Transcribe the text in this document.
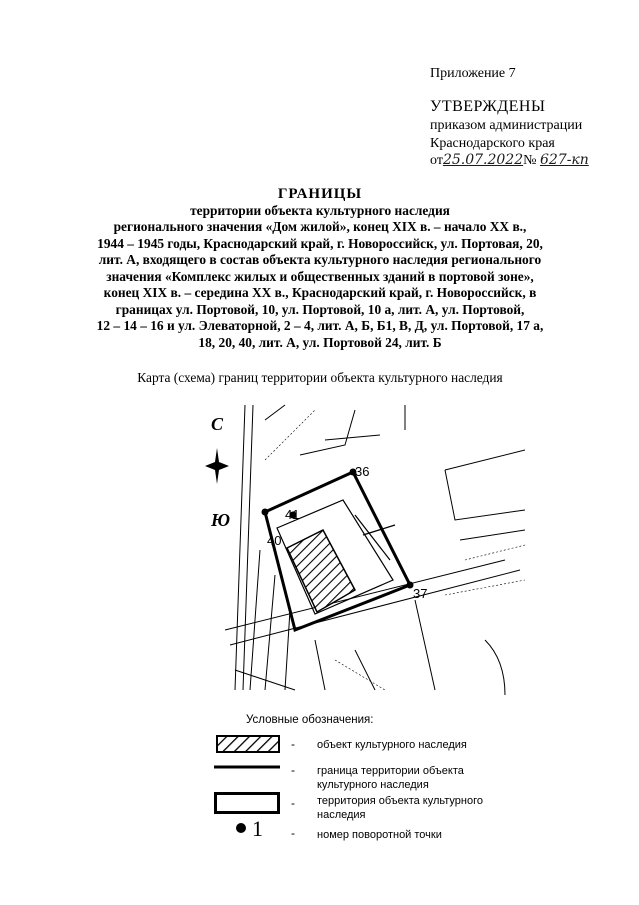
Приложение 7
УТВЕРЖДЕНЫ
приказом администрации
Краснодарского края
от25.07.2022№ 627-кп
ГРАНИЦЫ
территории объекта культурного наследия
регионального значения «Дом жилой», конец XIX в. – начало XX в.,
1944 – 1945 годы, Краснодарский край, г. Новороссийск, ул. Портовая, 20,
лит. А, входящего в состав объекта культурного наследия регионального
значения «Комплекс жилых и общественных зданий в портовой зоне»,
конец XIX в. – середина XX в., Краснодарский край, г. Новороссийск, в
границах ул. Портовой, 10, ул. Портовой, 10 а, лит. А, ул. Портовой,
12 – 14 – 16 и ул. Элеваторной, 2 – 4, лит. А, Б, Б1, В, Д, ул. Портовой, 17 а,
18, 20, 40, лит. А, ул. Портовой 24, лит. Б
Карта (схема) границ территории объекта культурного наследия
С
Ю
36
37
40
41
Условные обозначения:
- объект культурного наследия
- граница территории объекта
культурного наследия
- территория объекта культурного
наследия
1 - номер поворотной точки
